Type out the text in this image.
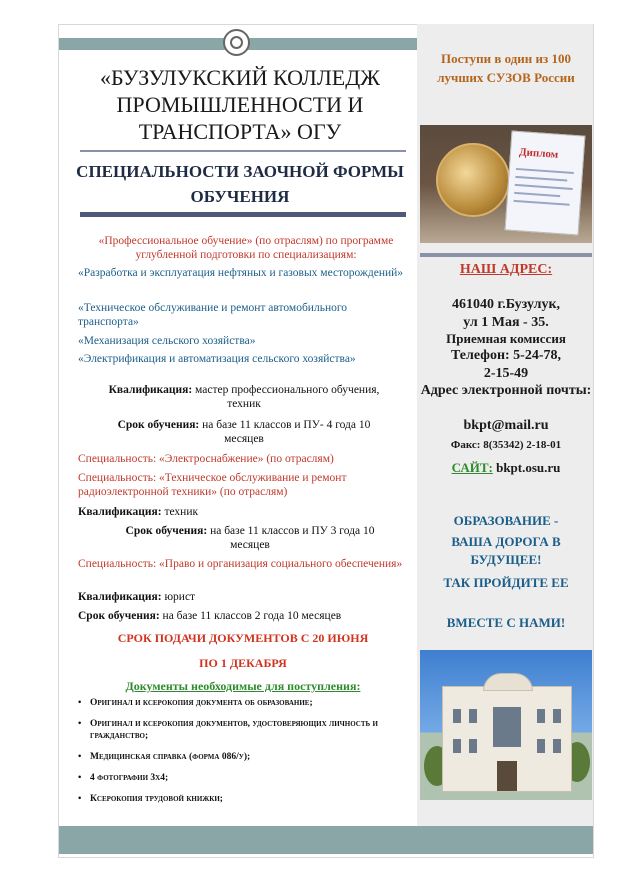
Поступи в один из 100 лучших СУЗОВ России
Диплом
НАШ АДРЕС:
461040 г.Бузулук,
ул 1 Мая - 35.
Приемная комиссия
Телефон: 5-24-78,
2-15-49
Адрес электронной почты:
bkpt@mail.ru
Факс: 8(35342) 2-18-01
САЙТ: bkpt.osu.ru
ОБРАЗОВАНИЕ -
ВАША ДОРОГА В БУДУЩЕЕ!
ТАК ПРОЙДИТЕ ЕЕ
ВМЕСТЕ С НАМИ!
«БУЗУЛУКСКИЙ КОЛЛЕДЖ ПРОМЫШЛЕННОСТИ И ТРАНСПОРТА» ОГУ
СПЕЦИАЛЬНОСТИ ЗАОЧНОЙ ФОРМЫ ОБУЧЕНИЯ
«Профессиональное обучение» (по отраслям) по программе углубленной подготовки по специализациям:
«Разработка и эксплуатация нефтяных и газовых месторождений»
«Техническое обслуживание и ремонт автомобильного транспорта»
«Механизация сельского хозяйства»
«Электрификация и автоматизация сельского хозяйства»
Квалификация: мастер профессионального обучения, техник
Срок обучения: на базе 11 классов и ПУ- 4 года 10 месяцев
Специальность: «Электроснабжение» (по отраслям)
Специальность: «Техническое обслуживание и ремонт радиоэлектронной техники» (по отраслям)
Квалификация: техник
Срок обучения: на базе 11 классов и ПУ 3 года 10 месяцев
Специальность: «Право и организация социального обеспечения»
Квалификация: юрист
Срок обучения: на базе 11 классов 2 года 10 месяцев
СРОК ПОДАЧИ ДОКУМЕНТОВ С 20 ИЮНЯ
ПО 1 ДЕКАБРЯ
Документы необходимые для поступления:
• Оригинал и ксерокопия документа об образование;
• Оригинал и ксерокопия документов, удостоверяющих личность и гражданство;
• Медицинская справка (форма 086/у);
• 4 фотографии 3х4;
• Ксерокопия трудовой книжки;
